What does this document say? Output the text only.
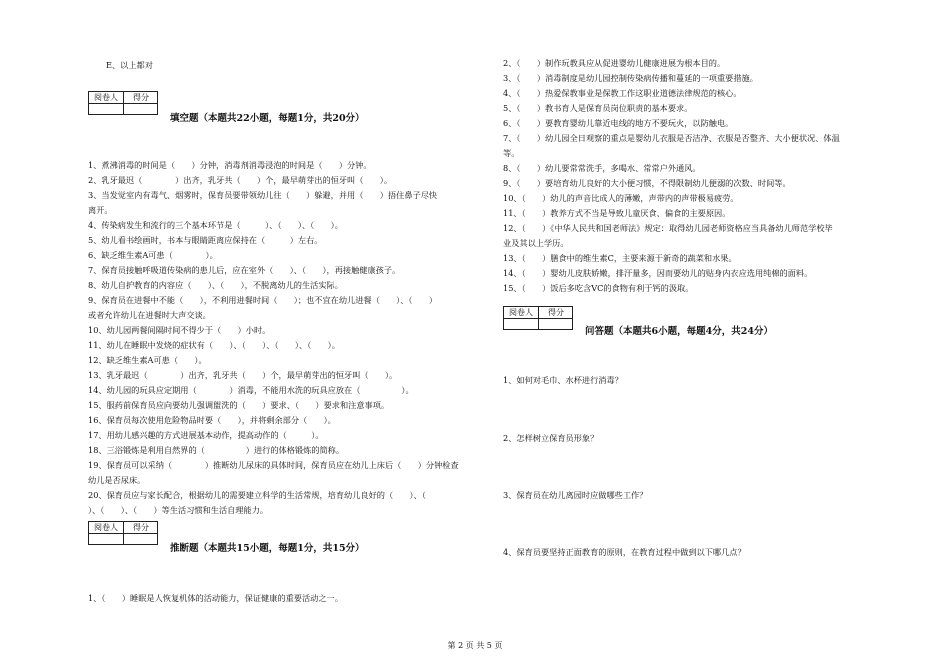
E、以上都对
阅卷人	得分
填空题（本题共22小题，每题1分，共20分）
1、煮沸消毒的时间是（　　）分钟，消毒剂消毒浸泡的时间是（　　）分钟。
2、乳牙最迟（　　　　）出齐，乳牙共（　　）个，最早萌芽出的恒牙叫（　　）。
3、当发觉室内有毒气、烟雾时，保育员要带领幼儿往（　　）躲避，并用（　　）捂住鼻子尽快
离开。
4、传染病发生和流行的三个基本环节是（　　　）、（　　）、（　　）。
5、幼儿看书绘画时，书本与眼睛距离应保持在（　　　）左右。
6、缺乏维生素A可患（　　　　）。
7、保育员接触呼吸道传染病的患儿后，应在室外（　　）、（　　），再接触健康孩子。
8、幼儿自护教育的内容应（　　）、（　　），不脱离幼儿的生活实际。
9、保育员在进餐中不能（　　），不利用进餐时间（　　）；也不宜在幼儿进餐（　　）、（　　）
或者允许幼儿在进餐时大声交谈。
10、幼儿园两餐间隔时间不得少于（　　）小时。
11、幼儿在睡眠中发烧的症状有（　　）、（　　）、（　　）、（　　）。
12、缺乏维生素A可患（　　）。
13、乳牙最迟（　　　　）出齐，乳牙共（　　）个，最早萌芽出的恒牙叫（　　）。
14、幼儿园的玩具应定期用（　　　　）消毒，不能用水洗的玩具应放在（　　　　　）。
15、服药前保育员应向要幼儿强调盥洗的（　　）要求、（　　）要求和注意事项。
16、保育员每次使用危险物品时要（　　），并将剩余部分（　　）。
17、用幼儿感兴趣的方式进展基本动作，提高动作的（　　　）。
18、三浴锻炼是利用自然界的（　　　　　）进行的体格锻炼的简称。
19、保育员可以采纳（　　　　）推断幼儿尿床的具体时间，保育员应在幼儿上床后（　　）分钟检查
幼儿是否尿床。
20、保育员应与家长配合，根据幼儿的需要建立科学的生活常规，培育幼儿良好的（　　）、（
）、（　　）、（　　）等生活习惯和生活自理能力。
阅卷人	得分
推断题（本题共15小题，每题1分，共15分）
1、（　　）睡眠是人恢复机体的活动能力，保证健康的重要活动之一。
2、（　　）制作玩教具应从促进婴幼儿健康进展为根本目的。
3、（　　）消毒制度是幼儿园控制传染病传播和蔓延的一项重要措施。
4、（　　）热爱保教事业是保教工作这职业道德法律规范的核心。
5、（　　）教书育人是保育员岗位职责的基本要求。
6、（　　）要教育婴幼儿靠近电线的地方不要玩火，以防触电。
7、（　　）幼儿园全日观察的重点是婴幼儿衣服是否洁净、衣服是否整齐、大小便状况、体温
等。
8、（　　）幼儿要常常洗手，多喝水、常常户外通风。
9、（　　）要培育幼儿良好的大小便习惯，不得限制幼儿便溺的次数、时间等。
10、（　　）幼儿的声音比成人的薄嫩，声带内的声带极易疲劳。
11、（　　）教养方式不当是导致儿童厌食、偏食的主要原因。
12、（　　）《中华人民共和国老师法》规定：取得幼儿园老师资格应当具备幼儿师范学校毕
业及其以上学历。
13、（　　）膳食中的维生素C，主要来源于新奇的蔬菜和水果。
14、（　　）婴幼儿皮肤娇嫩，排汗量多，因而要幼儿的贴身内衣应选用纯棉的面料。
15、（　　）饭后多吃含VC的食物有利于钙的汲取。
阅卷人	得分
问答题（本题共6小题，每题4分，共24分）
1、如何对毛巾、水杯进行消毒？
2、怎样树立保育员形象？
3、保育员在幼儿离园时应做哪些工作？
4、保育员要坚持正面教育的原则，在教育过程中做到以下哪几点？
第 2 页 共 5 页
